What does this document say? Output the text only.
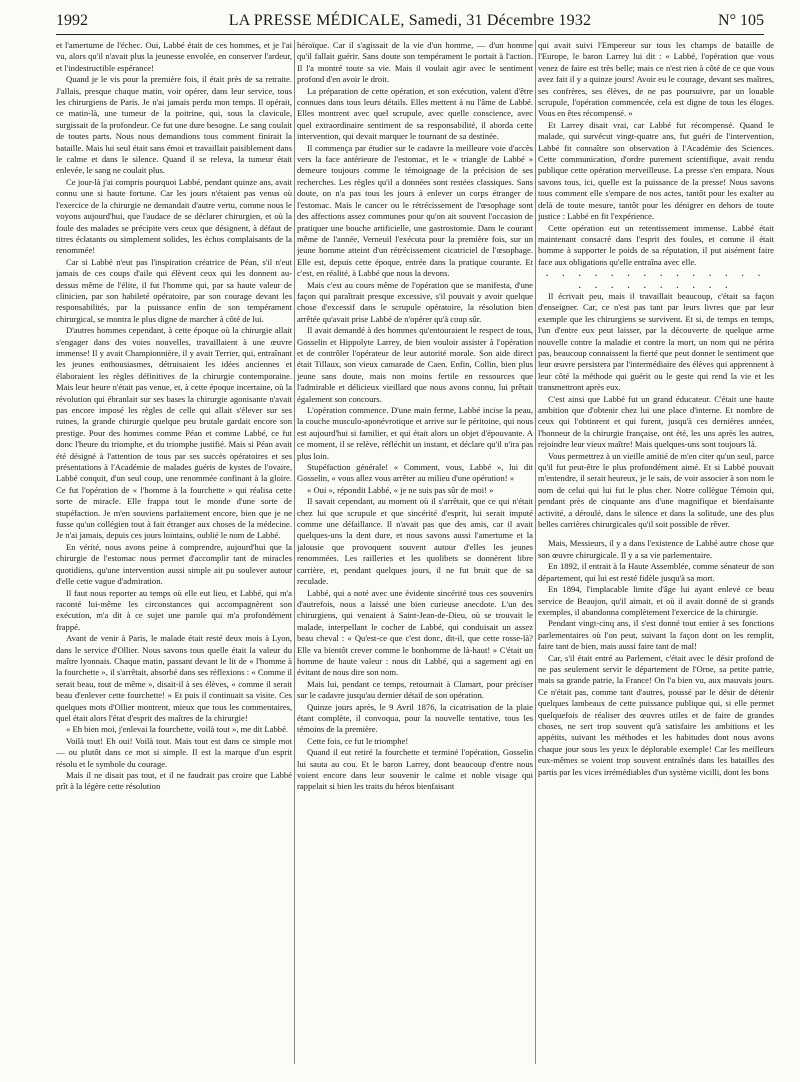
1992	LA PRESSE MÉDICALE, Samedi, 31 Décembre 1932	N° 105

et l'amertume de l'échec. Oui, Labbé était de ces hommes, et je l'ai vu, alors qu'il n'avait plus la jeunesse envolée, en conserver l'ardeur, et l'indestructible espérance!

Quand je le vis pour la première fois, il était près de sa retraite. J'allais, presque chaque matin, voir opérer, dans leur service, tous les chirurgiens de Paris. Je n'ai jamais perdu mon temps. Il opérait, ce matin-là, une tumeur de la poitrine, qui, sous la clavicule, surgissait de la profondeur. Ce fut une dure besogne. Le sang coulait de toutes parts. Nous nous demandions tous comment finirait la bataille. Mais lui seul était sans émoi et travaillait paisiblement dans le calme et dans le silence. Quand il se releva, la tumeur était enlevée, le sang ne coulait plus.

Ce jour-là j'ai compris pourquoi Labbé, pendant quinze ans, avait connu une si haute fortune. Car les jours n'étaient pas venus où l'exercice de la chirurgie ne demandait d'autre vertu, comme nous le voyons aujourd'hui, que l'audace de se déclarer chirurgien, et où la foule des malades se précipite vers ceux que désignent, à défaut de titres éclatants ou simplement solides, les échos complaisants de la renommée!

Car si Labbé n'eut pas l'inspiration créatrice de Péan, s'il n'eut jamais de ces coups d'aile qui élèvent ceux qui les donnent au-dessus même de l'élite, il fut l'homme qui, par sa haute valeur de clinicien, par son habileté opératoire, par son courage devant les responsabilités, par la puissance enfin de son tempérament chirurgical, se montra le plus digne de marcher à côté de lui.

D'autres hommes cependant, à cette époque où la chirurgie allait s'engager dans des voies nouvelles, travaillaient à une œuvre immense! Il y avait Championnière, il y avait Terrier, qui, entraînant les jeunes enthousiasmes, détruisaient les idées anciennes et élaboraient les règles définitives de la chirurgie contemporaine. Mais leur heure n'était pas venue, et, à cette époque incertaine, où la révolution qui ébranlait sur ses bases la chirurgie agonisante n'avait pas encore imposé les règles de celle qui allait s'élever sur ses ruines, la grande chirurgie quelque peu brutale gardait encore son prestige. Pour des hommes comme Péan et comme Labbé, ce fut donc l'heure du triomphe, et du triomphe justifié. Mais si Péan avait été désigné à l'attention de tous par ses succès opératoires et ses présentations à l'Académie de malades guéris de kystes de l'ovaire, Labbé conquit, d'un seul coup, une renommée confinant à la gloire. Ce fut l'opération de « l'homme à la fourchette » qui réalisa cette sorte de miracle. Elle frappa tout le monde d'une sorte de stupéfaction. Je m'en souviens parfaitement encore, bien que je ne fusse qu'un collégien tout à fait étranger aux choses de la médecine. Je n'ai jamais, depuis ces jours lointains, oublié le nom de Labbé.

En vérité, nous avons peine à comprendre, aujourd'hui que la chirurgie de l'estomac nous permet d'accomplir tant de miracles quotidiens, qu'une intervention aussi simple ait pu soulever autour d'elle cette vague d'admiration.

Il faut nous reporter au temps où elle eut lieu, et Labbé, qui m'a raconté lui-même les circonstances qui accompagnèrent son exécution, m'a dit à ce sujet une parole qui m'a profondément frappé.

Avant de venir à Paris, le malade était resté deux mois à Lyon, dans le service d'Ollier. Nous savons tous quelle était la valeur du maître lyonnais. Chaque matin, passant devant le lit de « l'homme à la fourchette », il s'arrêtait, absorbé dans ses réflexions : « Comme il serait beau, tout de même », disait-il à ses élèves, « comme il serait beau d'enlever cette fourchette! » Et puis il continuait sa visite. Ces quelques mots d'Ollier montrent, mieux que tous les commentaires, quel était alors l'état d'esprit des maîtres de la chirurgie!

« Eh bien moi, j'enlevai la fourchette, voilà tout », me dit Labbé.

Voilà tout! Eh oui! Voilà tout. Mais tout est dans ce simple mot — ou plutôt dans ce mot si simple. Il est la marque d'un esprit résolu et le symbole du courage.

Mais il ne disait pas tout, et il ne faudrait pas croire que Labbé prît à la légère cette résolution

héroïque. Car il s'agissait de la vie d'un homme, — d'un homme qu'il fallait guérir. Sans doute son tempérament le portait à l'action. Il l'a montré toute sa vie. Mais il voulait agir avec le sentiment profond d'en avoir le droit.

La préparation de cette opération, et son exécution, valent d'être connues dans tous leurs détails. Elles mettent à nu l'âme de Labbé. Elles montrent avec quel scrupule, avec quelle conscience, avec quel extraordinaire sentiment de sa responsabilité, il aborda cette intervention, qui devait marquer le tournant de sa destinée.

Il commença par étudier sur le cadavre la meilleure voie d'accès vers la face antérieure de l'estomac, et le « triangle de Labbé » demeure toujours comme le témoignage de la précision de ses recherches. Les règles qu'il a données sont restées classiques. Sans doute, on n'a pas tous les jours à enlever un corps étranger de l'estomac. Mais le cancer ou le rétrécissement de l'œsophage sont des affections assez communes pour qu'on ait souvent l'occasion de pratiquer une bouche artificielle, une gastrostomie. Dans le courant même de l'année, Verneuil l'exécuta pour la première fois, sur un jeune homme atteint d'un rétrécissement cicatriciel de l'œsophage. Elle est, depuis cette époque, entrée dans la pratique courante. Et c'est, en réalité, à Labbé que nous la devons.

Mais c'est au cours même de l'opération que se manifesta, d'une façon qui paraîtrait presque excessive, s'il pouvait y avoir quelque chose d'excessif dans le scrupule opératoire, la résolution bien arrêtée qu'avait prise Labbé de n'opérer qu'à coup sûr.

Il avait demandé à des hommes qu'entouraient le respect de tous, Gosselin et Hippolyte Larrey, de bien vouloir assister à l'opération et de contrôler l'opérateur de leur autorité morale. Son aide direct était Tillaux, son vieux camarade de Caen. Enfin, Collin, bien plus jeune sans doute, mais non moins fertile en ressources que l'admirable et délicieux vieillard que nous avons connu, lui prêtait également son concours.

L'opération commence. D'une main ferme, Labbé incise la peau, la couche musculo-aponévrotique et arrive sur le péritoine, qui nous est aujourd'hui si familier, et qui était alors un objet d'épouvante. A ce moment, il se relève, réfléchit un instant, et déclare qu'il n'ira pas plus loin.

Stupéfaction générale! « Comment, vous, Labbé », lui dit Gosselin, « vous allez vous arrêter au milieu d'une opération! »

« Oui », répondit Labbé, « je ne suis pas sûr de moi! »

Il savait cependant, au moment où il s'arrêtait, que ce qui n'était chez lui que scrupule et que sincérité d'esprit, lui serait imputé comme une défaillance. Il n'avait pas que des amis, car il avait quelques-uns la dent dure, et nous savons aussi l'amertume et la jalousie que provoquent souvent autour d'elles les jeunes renommées. Les railleries et les quolibets se donnèrent libre carrière, et, pendant quelques jours, il ne fut bruit que de sa reculade.

Labbé, qui a noté avec une évidente sincérité tous ces souvenirs d'autrefois, nous a laissé une bien curieuse anecdote. L'un des chirurgiens, qui venaient à Saint-Jean-de-Dieu, où se trouvait le malade, interpellant le cocher de Labbé, qui conduisait un assez beau cheval : « Qu'est-ce que c'est donc, dit-il, que cette rosse-là? Elle va bientôt crever comme le bonhomme de là-haut! » C'était un homme de haute valeur : nous dit Labbé, qui a sagement agi en évitant de nous dire son nom.

Mais lui, pendant ce temps, retournait à Clamart, pour préciser sur le cadavre jusqu'au dernier détail de son opération.

Quinze jours après, le 9 Avril 1876, la cicatrisation de la plaie étant complète, il convoqua, pour la nouvelle tentative, tous les témoins de la première.

Cette fois, ce fut le triomphe!

Quand il eut retiré la fourchette et terminé l'opération, Gosselin lui sauta au cou. Et le baron Larrey, dont beaucoup d'entre nous voient encore dans leur souvenir le calme et noble visage qui rappelait si bien les traits du héros bienfaisant

qui avait suivi l'Empereur sur tous les champs de bataille de l'Europe, le baron Larrey lui dit : « Labbé, l'opération que vous venez de faire est très belle; mais ce n'est rien à côté de ce que vous avez fait il y a quinze jours! Avoir eu le courage, devant ses maîtres, ses confrères, ses élèves, de ne pas poursuivre, par un louable scrupule, l'opération commencée, cela est digne de tous les éloges. Vous en êtes récompensé. »

Et Larrey disait vrai, car Labbé fut récompensé. Quand le malade, qui survécut vingt-quatre ans, fut guéri de l'intervention, Labbé fit connaître son observation à l'Académie des Sciences. Cette communication, d'ordre purement scientifique, avait rendu publique cette opération merveilleuse. La presse s'en empara. Nous savons tous, ici, quelle est la puissance de la presse! Nous savons tous comment elle s'empare de nos actes, tantôt pour les exalter au delà de toute mesure, tantôt pour les dénigrer en dehors de toute justice : Labbé en fit l'expérience.

Cette opération eut un retentissement immense. Labbé était maintenant consacré dans l'esprit des foules, et comme il était homme à supporter le poids de sa réputation, il put aisément faire face aux obligations qu'elle entraîna avec elle.

. . . . . . . . . . . . . . . . . . . . . . . .

Il écrivait peu, mais il travaillait beaucoup, c'était sa façon d'enseigner. Car, ce n'est pas tant par leurs livres que par leur exemple que les chirurgiens se survivent. Et si, de temps en temps, l'un d'entre eux peut laisser, par la découverte de quelque arme nouvelle contre la maladie et contre la mort, un nom qui ne périra pas, beaucoup connaissent la fierté que peut donner le sentiment que leur œuvre persistera par l'intermédiaire des élèves qui apprennent à leur côté la méthode qui guérit ou le geste qui rend la vie et les transmettront après eux.

C'est ainsi que Labbé fut un grand éducateur. C'était une haute ambition que d'obtenir chez lui une place d'interne. Et nombre de ceux qui l'obtinrent et qui furent, jusqu'à ces dernières années, l'honneur de la chirurgie française, ont été, les uns après les autres, rejoindre leur vieux maître! Mais quelques-uns sont toujours là.

Vous permettrez à un vieille amitié de m'en citer qu'un seul, parce qu'il fut peut-être le plus profondément aimé. Et si Labbé pouvait m'entendre, il serait heureux, je le sais, de voir associer à son nom le nom de celui qui lui fut le plus cher. Notre collègue Témoin qui, pendant près de cinquante ans d'une magnifique et bienfaisante activité, a déroulé, dans le silence et dans la solitude, une des plus belles carrières chirurgicales qu'il soit possible de rêver.

Mais, Messieurs, il y a dans l'existence de Labbé autre chose que son œuvre chirurgicale. Il y a sa vie parlementaire.

En 1892, il entrait à la Haute Assemblée, comme sénateur de son département, qui lui est resté fidèle jusqu'à sa mort.

En 1894, l'implacable limite d'âge lui ayant enlevé ce beau service de Beaujon, qu'il aimait, et où il avait donné de si grands exemples, il abandonna complètement l'exercice de la chirurgie.

Pendant vingt-cinq ans, il s'est donné tout entier à ses fonctions parlementaires où l'on peut, suivant la façon dont on les remplit, faire tant de bien, mais aussi faire tant de mal!

Car, s'il était entré au Parlement, c'était avec le désir profond de ne pas seulement servir le département de l'Orne, sa petite patrie, mais sa grande patrie, la France! On l'a bien vu, aux mauvais jours. Ce n'était pas, comme tant d'autres, poussé par le désir de détenir quelques lambeaux de cette puissance publique qui, si elle permet quelquefois de réaliser des œuvres utiles et de faire de grandes choses, ne sert trop souvent qu'à satisfaire les ambitions et les appétits, suivant les méthodes et les habitudes dont nous avons chaque jour sous les yeux le déplorable exemple! Car les meilleurs eux-mêmes se voient trop souvent entraînés dans les batailles des partis par les vices irrémédiables d'un système vicilli, dont les bons
